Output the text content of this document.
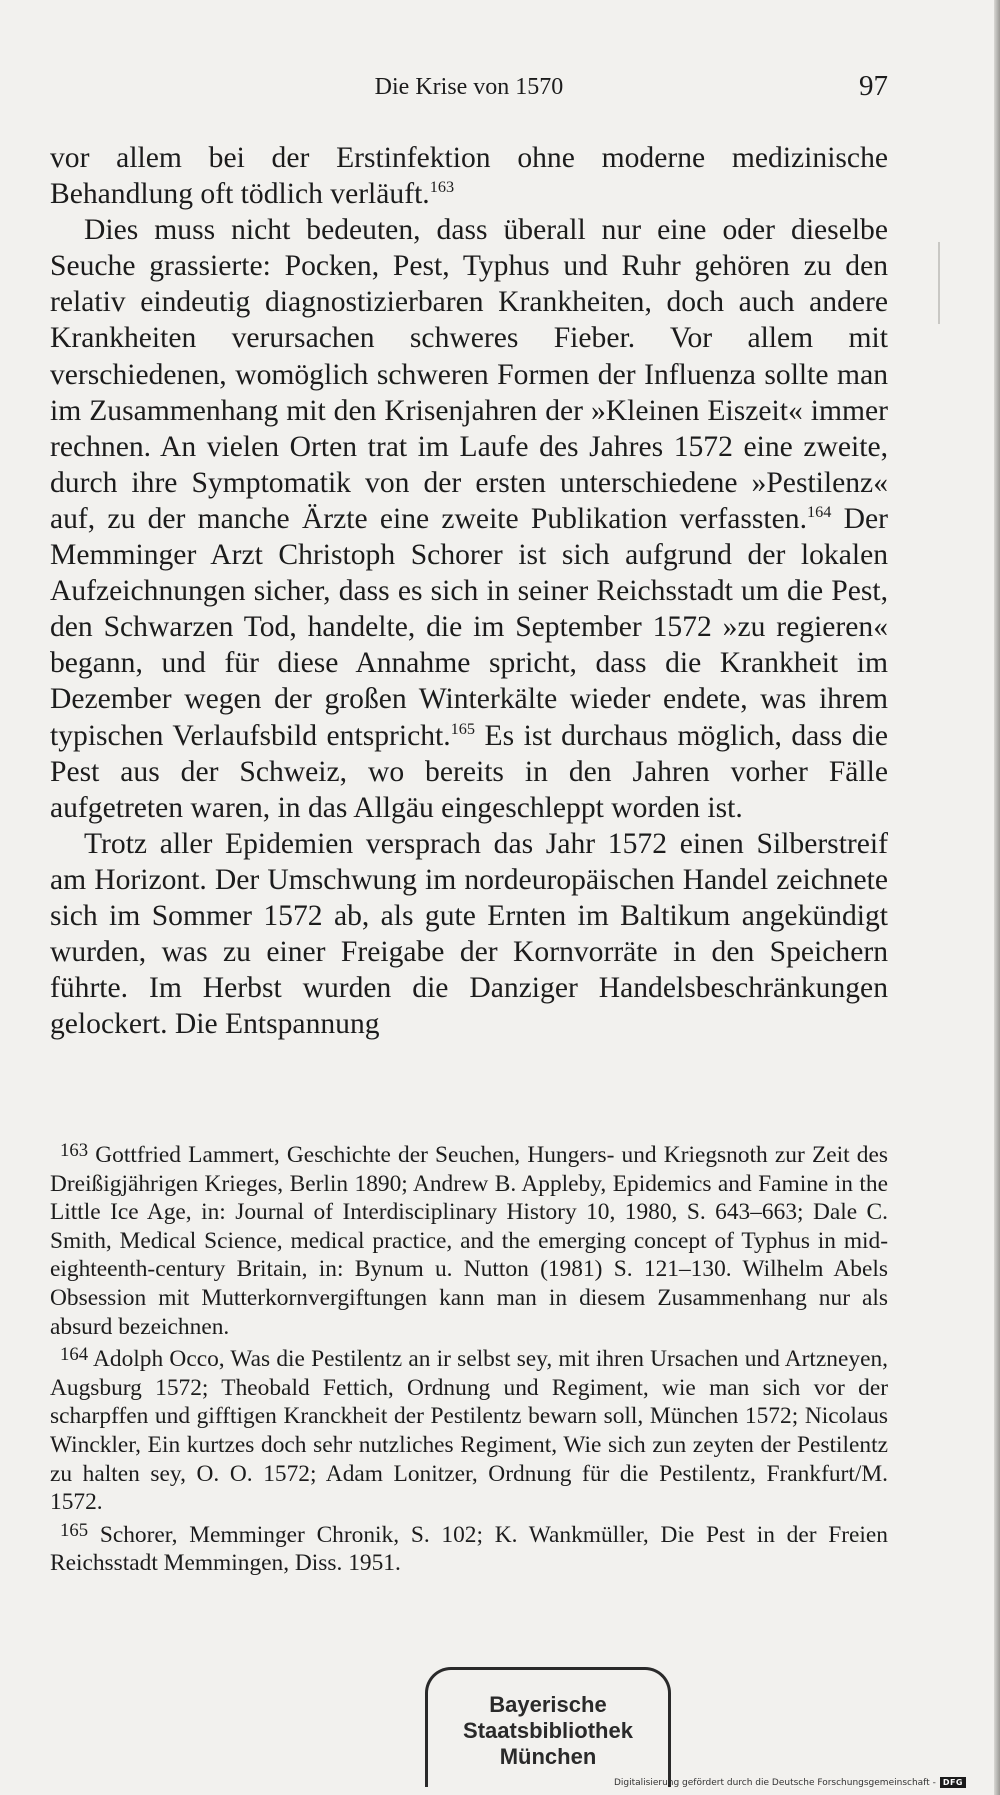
Die Krise von 1570	97

vor allem bei der Erstinfektion ohne moderne medizinische Behandlung oft tödlich verläuft.$^{163}$

Dies muss nicht bedeuten, dass überall nur eine oder dieselbe Seuche grassierte: Pocken, Pest, Typhus und Ruhr gehören zu den relativ eindeutig diagnostizierbaren Krankheiten, doch auch andere Krankheiten verursachen schweres Fieber. Vor allem mit verschiedenen, womöglich schweren Formen der Influenza sollte man im Zusammenhang mit den Krisenjahren der »Kleinen Eiszeit« immer rechnen. An vielen Orten trat im Laufe des Jahres 1572 eine zweite, durch ihre Symptomatik von der ersten unterschiedene »Pestilenz« auf, zu der manche Ärzte eine zweite Publikation verfassten.$^{164}$ Der Memminger Arzt Christoph Schorer ist sich aufgrund der lokalen Aufzeichnungen sicher, dass es sich in seiner Reichsstadt um die Pest, den Schwarzen Tod, handelte, die im September 1572 »zu regieren« begann, und für diese Annahme spricht, dass die Krankheit im Dezember wegen der großen Winterkälte wieder endete, was ihrem typischen Verlaufsbild entspricht.$^{165}$ Es ist durchaus möglich, dass die Pest aus der Schweiz, wo bereits in den Jahren vorher Fälle aufgetreten waren, in das Allgäu eingeschleppt worden ist.

Trotz aller Epidemien versprach das Jahr 1572 einen Silberstreif am Horizont. Der Umschwung im nordeuropäischen Handel zeichnete sich im Sommer 1572 ab, als gute Ernten im Baltikum angekündigt wurden, was zu einer Freigabe der Kornvorräte in den Speichern führte. Im Herbst wurden die Danziger Handelsbeschränkungen gelockert. Die Entspannung

$^{163}$ Gottfried Lammert, Geschichte der Seuchen, Hungers- und Kriegsnoth zur Zeit des Dreißigjährigen Krieges, Berlin 1890; Andrew B. Appleby, Epidemics and Famine in the Little Ice Age, in: Journal of Interdisciplinary History 10, 1980, S. 643–663; Dale C. Smith, Medical Science, medical practice, and the emerging concept of Typhus in mid-eighteenth-century Britain, in: Bynum u. Nutton (1981) S. 121–130. Wilhelm Abels Obsession mit Mutterkornvergiftungen kann man in diesem Zusammenhang nur als absurd bezeichnen.

$^{164}$ Adolph Occo, Was die Pestilentz an ir selbst sey, mit ihren Ursachen und Artzneyen, Augsburg 1572; Theobald Fettich, Ordnung und Regiment, wie man sich vor der scharpffen und gifftigen Kranckheit der Pestilentz bewarn soll, München 1572; Nicolaus Winckler, Ein kurtzes doch sehr nutzliches Regiment, Wie sich zun zeyten der Pestilentz zu halten sey, O. O. 1572; Adam Lonitzer, Ordnung für die Pestilentz, Frankfurt/M. 1572.

$^{165}$ Schorer, Memminger Chronik, S. 102; K. Wankmüller, Die Pest in der Freien Reichsstadt Memmingen, Diss. 1951.

Bayerische
Staatsbibliothek
München
Digitalisierung gefördert durch die Deutsche Forschungsgemeinschaft - DFG
